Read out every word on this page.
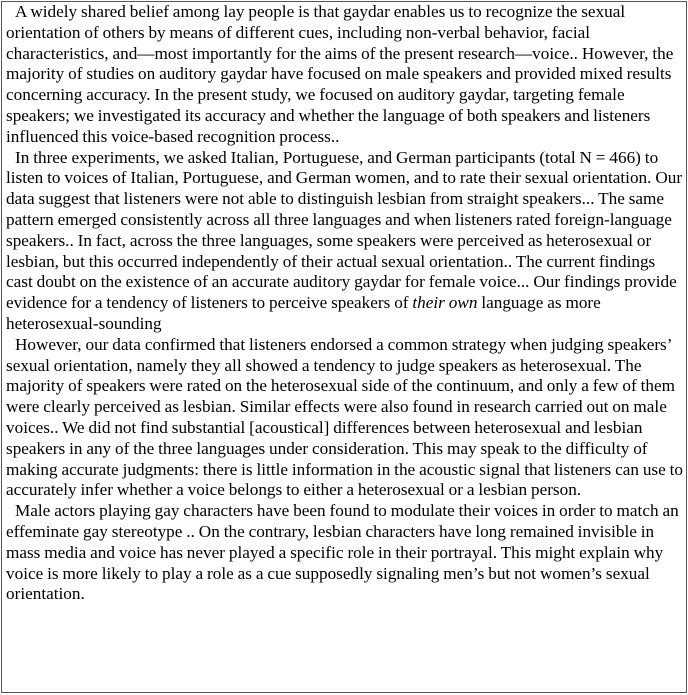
A widely shared belief among lay people is that gaydar enables us to recognize the sexual orientation of others by means of different cues, including non-verbal behavior, facial characteristics, and—most importantly for the aims of the present research—voice.. However, the majority of studies on auditory gaydar have focused on male speakers and provided mixed results concerning accuracy. In the present study, we focused on auditory gaydar, targeting female speakers; we investigated its accuracy and whether the language of both speakers and listeners influenced this voice-based recognition process..

In three experiments, we asked Italian, Portuguese, and German participants (total N = 466) to listen to voices of Italian, Portuguese, and German women, and to rate their sexual orientation. Our data suggest that listeners were not able to distinguish lesbian from straight speakers... The same pattern emerged consistently across all three languages and when listeners rated foreign-language speakers.. In fact, across the three languages, some speakers were perceived as heterosexual or lesbian, but this occurred independently of their actual sexual orientation.. The current findings cast doubt on the existence of an accurate auditory gaydar for female voice... Our findings provide evidence for a tendency of listeners to perceive speakers of their own language as more heterosexual-sounding

However, our data confirmed that listeners endorsed a common strategy when judging speakers’ sexual orientation, namely they all showed a tendency to judge speakers as heterosexual. The majority of speakers were rated on the heterosexual side of the continuum, and only a few of them were clearly perceived as lesbian. Similar effects were also found in research carried out on male voices.. We did not find substantial [acoustical] differences between heterosexual and lesbian speakers in any of the three languages under consideration. This may speak to the difficulty of making accurate judgments: there is little information in the acoustic signal that listeners can use to accurately infer whether a voice belongs to either a heterosexual or a lesbian person.

Male actors playing gay characters have been found to modulate their voices in order to match an effeminate gay stereotype .. On the contrary, lesbian characters have long remained invisible in mass media and voice has never played a specific role in their portrayal. This might explain why voice is more likely to play a role as a cue supposedly signaling men’s but not women’s sexual orientation.
